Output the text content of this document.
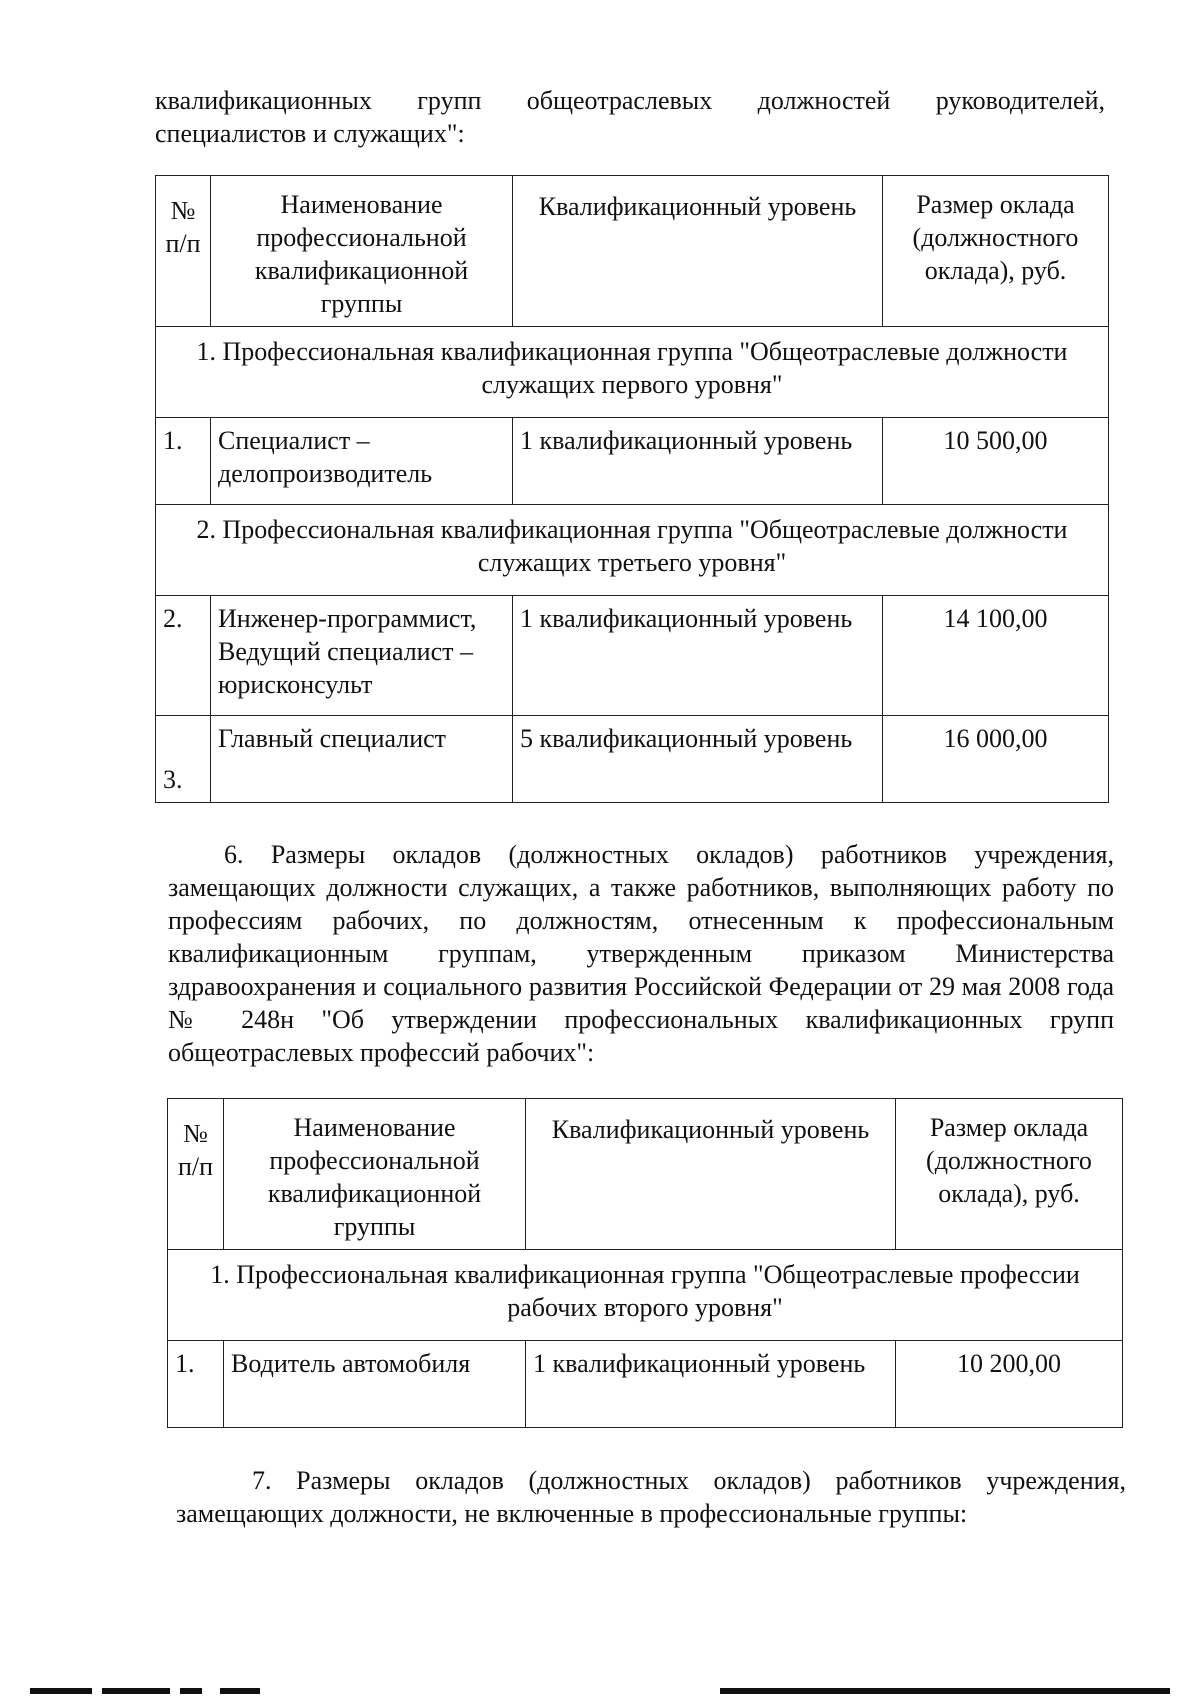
квалификационных групп общеотраслевых должностей руководителей, специалистов и служащих":

№ п/п	Наименование профессиональной квалификационной группы	Квалификационный уровень	Размер оклада (должностного оклада), руб.
1. Профессиональная квалификационная группа "Общеотраслевые должности служащих первого уровня"			
1.	Специалист – делопроизводитель	1 квалификационный уровень	10 500,00
2. Профессиональная квалификационная группа "Общеотраслевые должности служащих третьего уровня"			
2.	Инженер-программист, Ведущий специалист – юрисконсульт	1 квалификационный уровень	14 100,00
3.	Главный специалист	5 квалификационный уровень	16 000,00

6. Размеры окладов (должностных окладов) работников учреждения, замещающих должности служащих, а также работников, выполняющих работу по профессиям рабочих, по должностям, отнесенным к профессиональным квалификационным группам, утвержденным приказом Министерства здравоохранения и социального развития Российской Федерации от 29 мая 2008 года № 248н "Об утверждении профессиональных квалификационных групп общеотраслевых профессий рабочих":

№ п/п	Наименование профессиональной квалификационной группы	Квалификационный уровень	Размер оклада (должностного оклада), руб.
1. Профессиональная квалификационная группа "Общеотраслевые профессии рабочих второго уровня"			
1.	Водитель автомобиля	1 квалификационный уровень	10 200,00

7. Размеры окладов (должностных окладов) работников учреждения, замещающих должности, не включенные в профессиональные группы:
